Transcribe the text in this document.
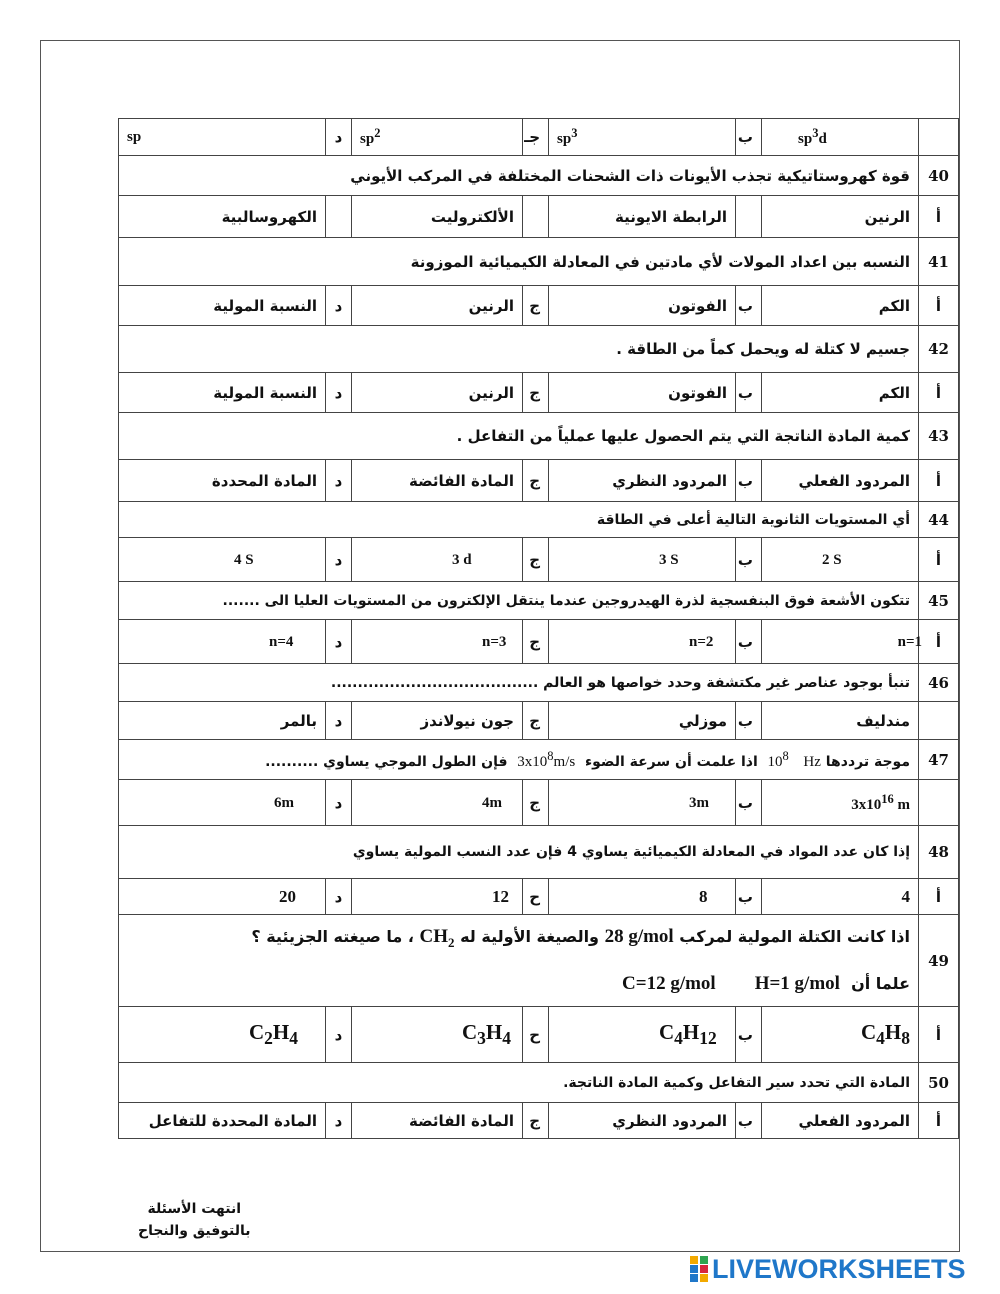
	$sp^3d$	ب	$sp^3$	جـ	$sp^2$	د	sp
40	قوة كهروستاتيكية تجذب الأيونات ذات الشحنات المختلفة في المركب الأيوني						
أ	الرنين		الرابطة الايونية		الألكتروليت		الكهروسالبية
41	النسبه بين اعداد المولات لأي مادتين في المعادلة الكيميائية الموزونة						
أ	الكم	ب	الفوتون	ج	الرنين	د	النسبة المولية
42	جسيم لا كتلة له ويحمل كماً من الطاقة .						
أ	الكم	ب	الفوتون	ج	الرنين	د	النسبة المولية
43	كمية المادة الناتجة التي يتم الحصول عليها عملياً من التفاعل .						
أ	المردود الفعلي	ب	المردود النظري	ج	المادة الفائضة	د	المادة المحددة
44	أي المستويات الثانوية التالية أعلى في الطاقة						
أ	2 S	ب	3 S	ج	3 d	د	4 S
45	تتكون الأشعة فوق البنفسجية لذرة الهيدروجين عندما ينتقل الإلكترون من المستويات العليا الى .......						
أ	n=1	ب	n=2	ج	n=3	د	n=4
46	تنبأ بوجود عناصر غير مكتشفة وحدد خواصها هو العالم .......................................						
	مندليف	ب	موزلي	ج	جون نيولاندز	د	بالمر
47	موجة ترددها Hz   $10^8$  اذا علمت أن سرعة الضوء  $3x10^8m/s$  فإن الطول الموجي يساوي ..........						
	$3x10^{16}$ m	ب	3m	ج	4m	د	6m
48	إذا كان عدد المواد في المعادلة الكيميائية يساوي 4 فإن عدد النسب المولية يساوي						
أ	4	ب	8	ح	12	د	20
49	اذا كانت الكتلة المولية لمركب 28 g/mol والصيغة الأولية له $CH_2$ ، ما صيغته الجزيئية ؟
علما أن  H=1 g/mol       C=12 g/mol						

أ	$C_4H_8$	ب	$C_4H_{12}$	ح	$C_3H_4$	د	$C_2H_4$
50	المادة التي تحدد سير التفاعل وكمية المادة الناتجة.						
أ	المردود الفعلي	ب	المردود النظري	ج	المادة الفائضة	د	المادة المحددة للتفاعل
انتهت الأسئلة
بالتوفيق والنجاح
LIVEWORKSHEETS
